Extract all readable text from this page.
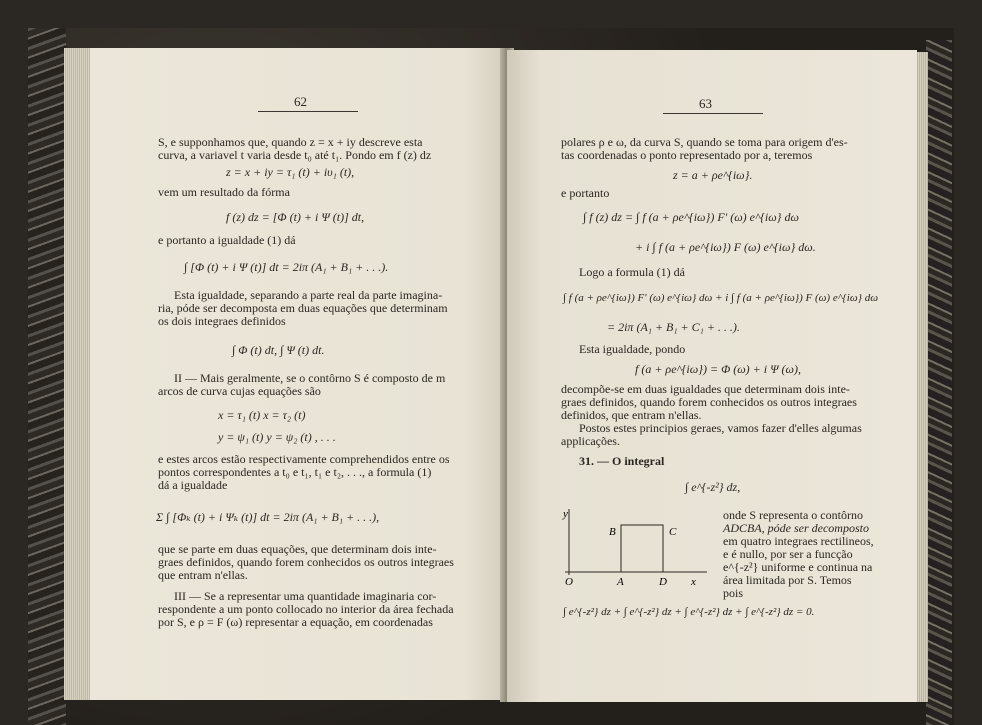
62
S, e supponhamos que, quando z = x + iy descreve esta
curva, a variavel t varia desde t₀ até t₁. Pondo em f (z) dz
z = x + iy = τ₁ (t) + iυ₁ (t),
vem um resultado da fórma
f (z) dz = [Φ (t) + i Ψ (t)] dt,
e portanto a igualdade (1) dá
∫ [Φ (t) + i Ψ (t)] dt = 2iπ (A₁ + B₁ + . . .).
Esta igualdade, separando a parte real da parte imagina-
ria, póde ser decomposta em duas equações que determinam
os dois integraes definidos
∫ Φ (t) dt, ∫ Ψ (t) dt.
II — Mais geralmente, se o contôrno S é composto de m
arcos de curva cujas equações são
x = τ₁ (t) x = τ₂ (t)
y = ψ₁ (t) y = ψ₂ (t) , . . .
e estes arcos estão respectivamente comprehendidos entre os
pontos correspondentes a t₀ e t₁, t₁ e t₂, . . ., a formula (1)
dá a igualdade
Σ ∫ [Φₖ (t) + i Ψₖ (t)] dt = 2iπ (A₁ + B₁ + . . .),
que se parte em duas equações, que determinam dois inte-
graes definidos, quando forem conhecidos os outros integraes
que entram n'ellas.
III — Se a representar uma quantidade imaginaria cor-
respondente a um ponto collocado no interior da área fechada
por S, e ρ = F (ω) representar a equação, em coordenadas
63
polares ρ e ω, da curva S, quando se toma para origem d'es-
tas coordenadas o ponto representado por a, teremos
z = a + ρe^{iω}.
e portanto
∫ f (z) dz = ∫ f (a + ρe^{iω}) F' (ω) e^{iω} dω
+ i ∫ f (a + ρe^{iω}) F (ω) e^{iω} dω.
Logo a formula (1) dá
∫ f (a + ρe^{iω}) F' (ω) e^{iω} dω + i ∫ f (a + ρe^{iω}) F (ω) e^{iω} dω
= 2iπ (A₁ + B₁ + C₁ + . . .).
Esta igualdade, pondo
f (a + ρe^{iω}) = Φ (ω) + i Ψ (ω),
decompõe-se em duas igualdades que determinam dois inte-
graes definidos, quando forem conhecidos os outros integraes
definidos, que entram n'ellas.
Postos estes principios geraes, vamos fazer d'elles algumas
applicações.
31. — O integral
∫ e^{-z²} dz,
onde S representa o contôrno
ADCBA, póde ser decomposto
em quatro integraes rectilineos,
e é nullo, por ser a funcção
e^{-z²} uniforme e continua na
área limitada por S. Temos
pois
y
B	C
O	A	D x
∫ e^{-z²} dz + ∫ e^{-z²} dz + ∫ e^{-z²} dz + ∫ e^{-z²} dz = 0.
